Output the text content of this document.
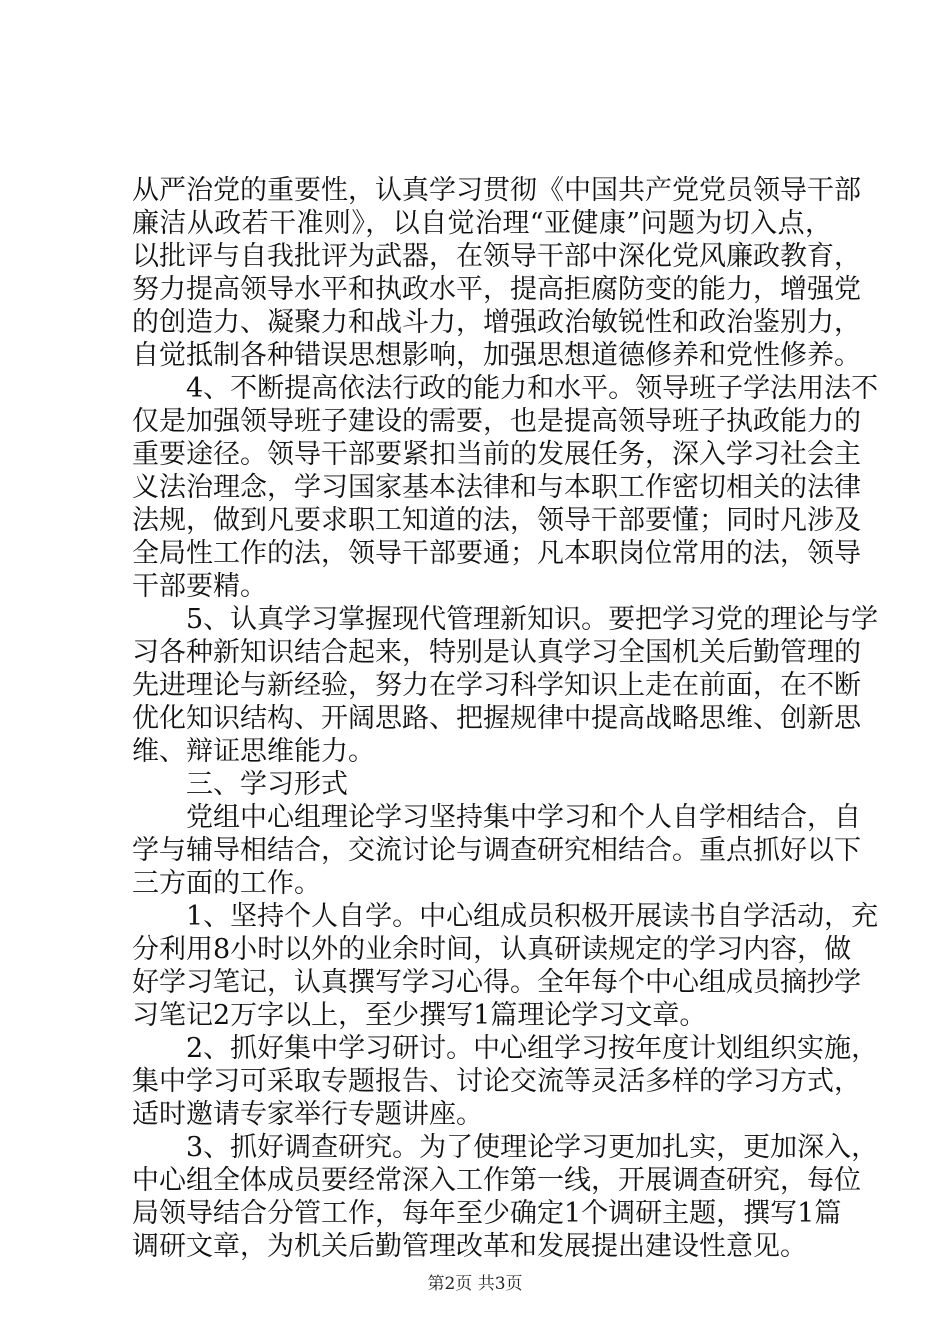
从严治党的重要性，认真学习贯彻《中国共产党党员领导干部
廉洁从政若干准则》，以自觉治理“亚健康”问题为切入点，
以批评与自我批评为武器，在领导干部中深化党风廉政教育，
努力提高领导水平和执政水平，提高拒腐防变的能力，增强党
的创造力、凝聚力和战斗力，增强政治敏锐性和政治鉴别力，
自觉抵制各种错误思想影响，加强思想道德修养和党性修养。
　　4、不断提高依法行政的能力和水平。领导班子学法用法不
仅是加强领导班子建设的需要，也是提高领导班子执政能力的
重要途径。领导干部要紧扣当前的发展任务，深入学习社会主
义法治理念，学习国家基本法律和与本职工作密切相关的法律
法规，做到凡要求职工知道的法，领导干部要懂；同时凡涉及
全局性工作的法，领导干部要通；凡本职岗位常用的法，领导
干部要精。
　　5、认真学习掌握现代管理新知识。要把学习党的理论与学
习各种新知识结合起来，特别是认真学习全国机关后勤管理的
先进理论与新经验，努力在学习科学知识上走在前面，在不断
优化知识结构、开阔思路、把握规律中提高战略思维、创新思
维、辩证思维能力。
　　三、学习形式
　　党组中心组理论学习坚持集中学习和个人自学相结合，自
学与辅导相结合，交流讨论与调查研究相结合。重点抓好以下
三方面的工作。
　　1、坚持个人自学。中心组成员积极开展读书自学活动，充
分利用8小时以外的业余时间，认真研读规定的学习内容，做
好学习笔记，认真撰写学习心得。全年每个中心组成员摘抄学
习笔记2万字以上，至少撰写1篇理论学习文章。
　　2、抓好集中学习研讨。中心组学习按年度计划组织实施，
集中学习可采取专题报告、讨论交流等灵活多样的学习方式，
适时邀请专家举行专题讲座。
　　3、抓好调查研究。为了使理论学习更加扎实，更加深入，
中心组全体成员要经常深入工作第一线，开展调查研究，每位
局领导结合分管工作，每年至少确定1个调研主题，撰写1篇
调研文章，为机关后勤管理改革和发展提出建设性意见。
第2页 共3页
